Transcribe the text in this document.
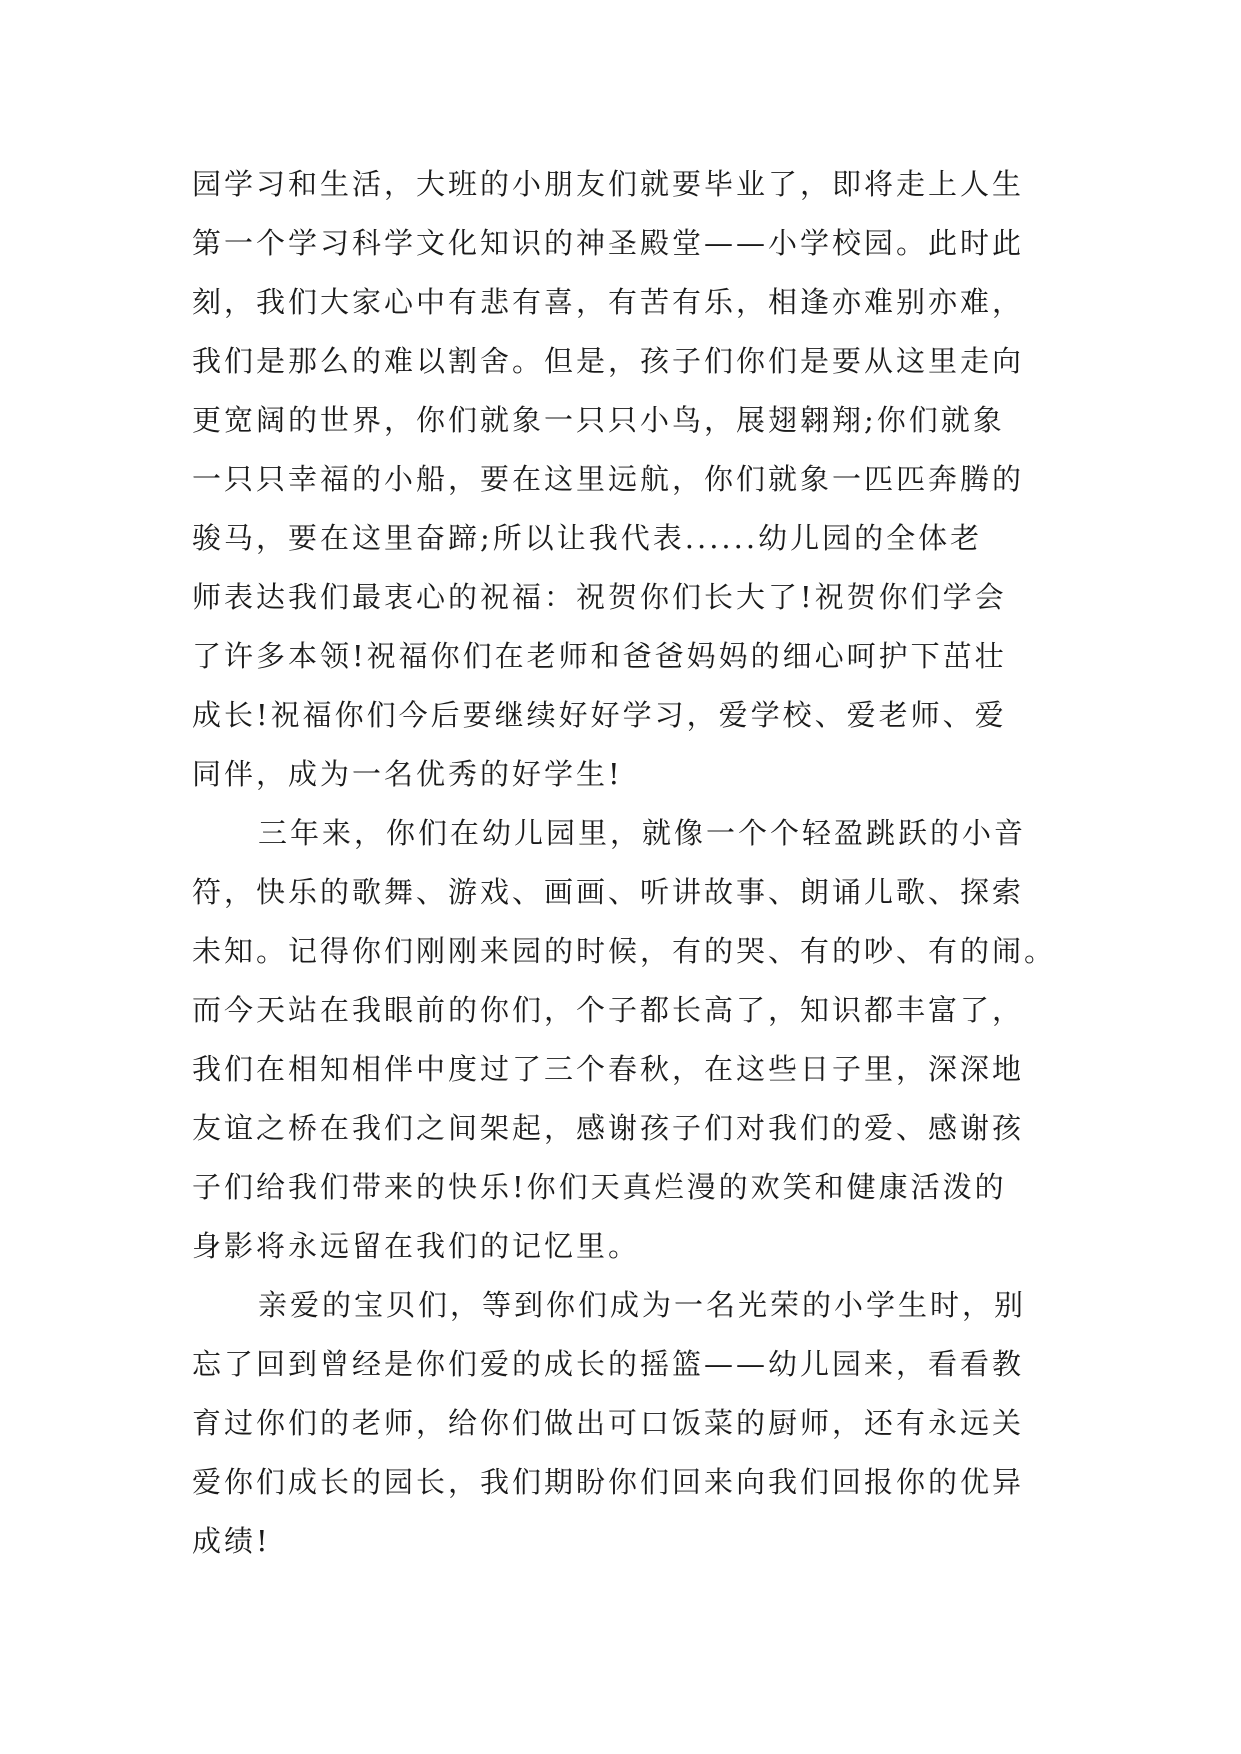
园学习和生活，大班的小朋友们就要毕业了，即将走上人生
第一个学习科学文化知识的神圣殿堂——小学校园。此时此
刻，我们大家心中有悲有喜，有苦有乐，相逢亦难别亦难，
我们是那么的难以割舍。但是，孩子们你们是要从这里走向
更宽阔的世界，你们就象一只只小鸟，展翅翱翔;你们就象
一只只幸福的小船，要在这里远航，你们就象一匹匹奔腾的
骏马，要在这里奋蹄;所以让我代表......幼儿园的全体老
师表达我们最衷心的祝福：祝贺你们长大了!祝贺你们学会
了许多本领!祝福你们在老师和爸爸妈妈的细心呵护下茁壮
成长!祝福你们今后要继续好好学习，爱学校、爱老师、爱
同伴，成为一名优秀的好学生!
三年来，你们在幼儿园里，就像一个个轻盈跳跃的小音
符，快乐的歌舞、游戏、画画、听讲故事、朗诵儿歌、探索
未知。记得你们刚刚来园的时候，有的哭、有的吵、有的闹。
而今天站在我眼前的你们，个子都长高了，知识都丰富了，
我们在相知相伴中度过了三个春秋，在这些日子里，深深地
友谊之桥在我们之间架起，感谢孩子们对我们的爱、感谢孩
子们给我们带来的快乐!你们天真烂漫的欢笑和健康活泼的
身影将永远留在我们的记忆里。
亲爱的宝贝们，等到你们成为一名光荣的小学生时，别
忘了回到曾经是你们爱的成长的摇篮——幼儿园来，看看教
育过你们的老师，给你们做出可口饭菜的厨师，还有永远关
爱你们成长的园长，我们期盼你们回来向我们回报你的优异
成绩!
